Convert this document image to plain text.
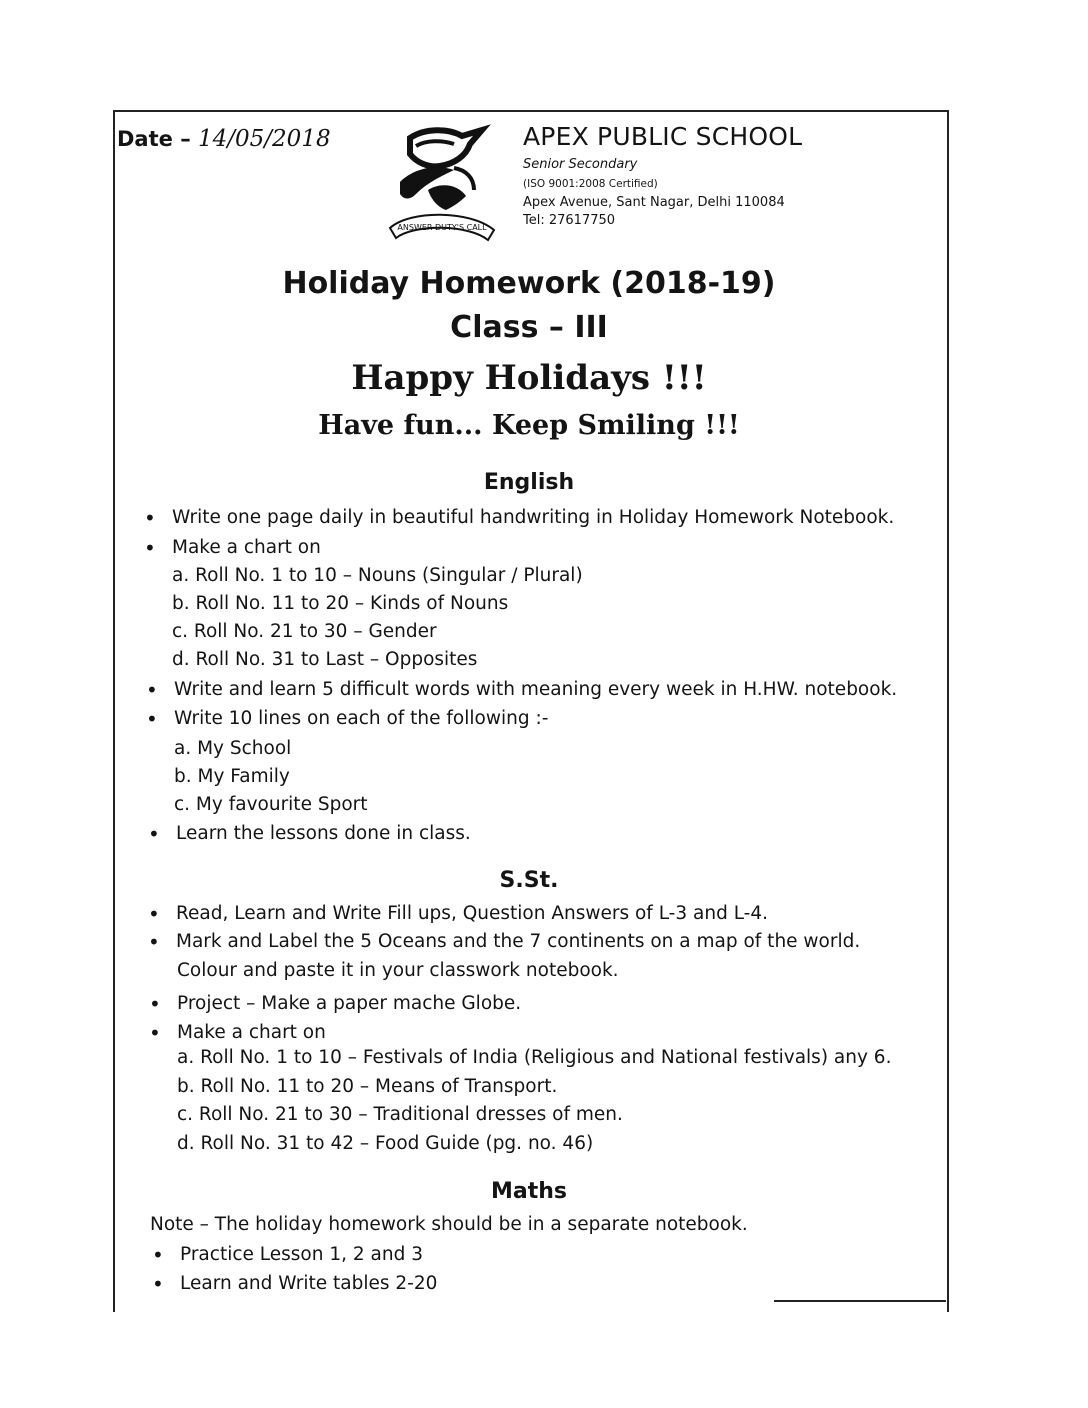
Date – 14/05/2018
ANSWER DUTY'S CALL
APEX PUBLIC SCHOOL
Senior Secondary
(ISO 9001:2008 Certified)
Apex Avenue, Sant Nagar, Delhi 110084
Tel: 27617750
Holiday Homework (2018-19)
Class – III
Happy Holidays !!!
Have fun... Keep Smiling !!!
English
• Write one page daily in beautiful handwriting in Holiday Homework Notebook.
• Make a chart on
a. Roll No. 1 to 10 – Nouns (Singular / Plural)
b. Roll No. 11 to 20 – Kinds of Nouns
c. Roll No. 21 to 30 – Gender
d. Roll No. 31 to Last – Opposites
• Write and learn 5 difficult words with meaning every week in H.HW. notebook.
• Write 10 lines on each of the following :-
a. My School
b. My Family
c. My favourite Sport
• Learn the lessons done in class.
S.St.
• Read, Learn and Write Fill ups, Question Answers of L-3 and L-4.
• Mark and Label the 5 Oceans and the 7 continents on a map of the world.
Colour and paste it in your classwork notebook.
• Project – Make a paper mache Globe.
• Make a chart on
a. Roll No. 1 to 10 – Festivals of India (Religious and National festivals) any 6.
b. Roll No. 11 to 20 – Means of Transport.
c. Roll No. 21 to 30 – Traditional dresses of men.
d. Roll No. 31 to 42 – Food Guide (pg. no. 46)
Maths
Note – The holiday homework should be in a separate notebook.
• Practice Lesson 1, 2 and 3
• Learn and Write tables 2-20
